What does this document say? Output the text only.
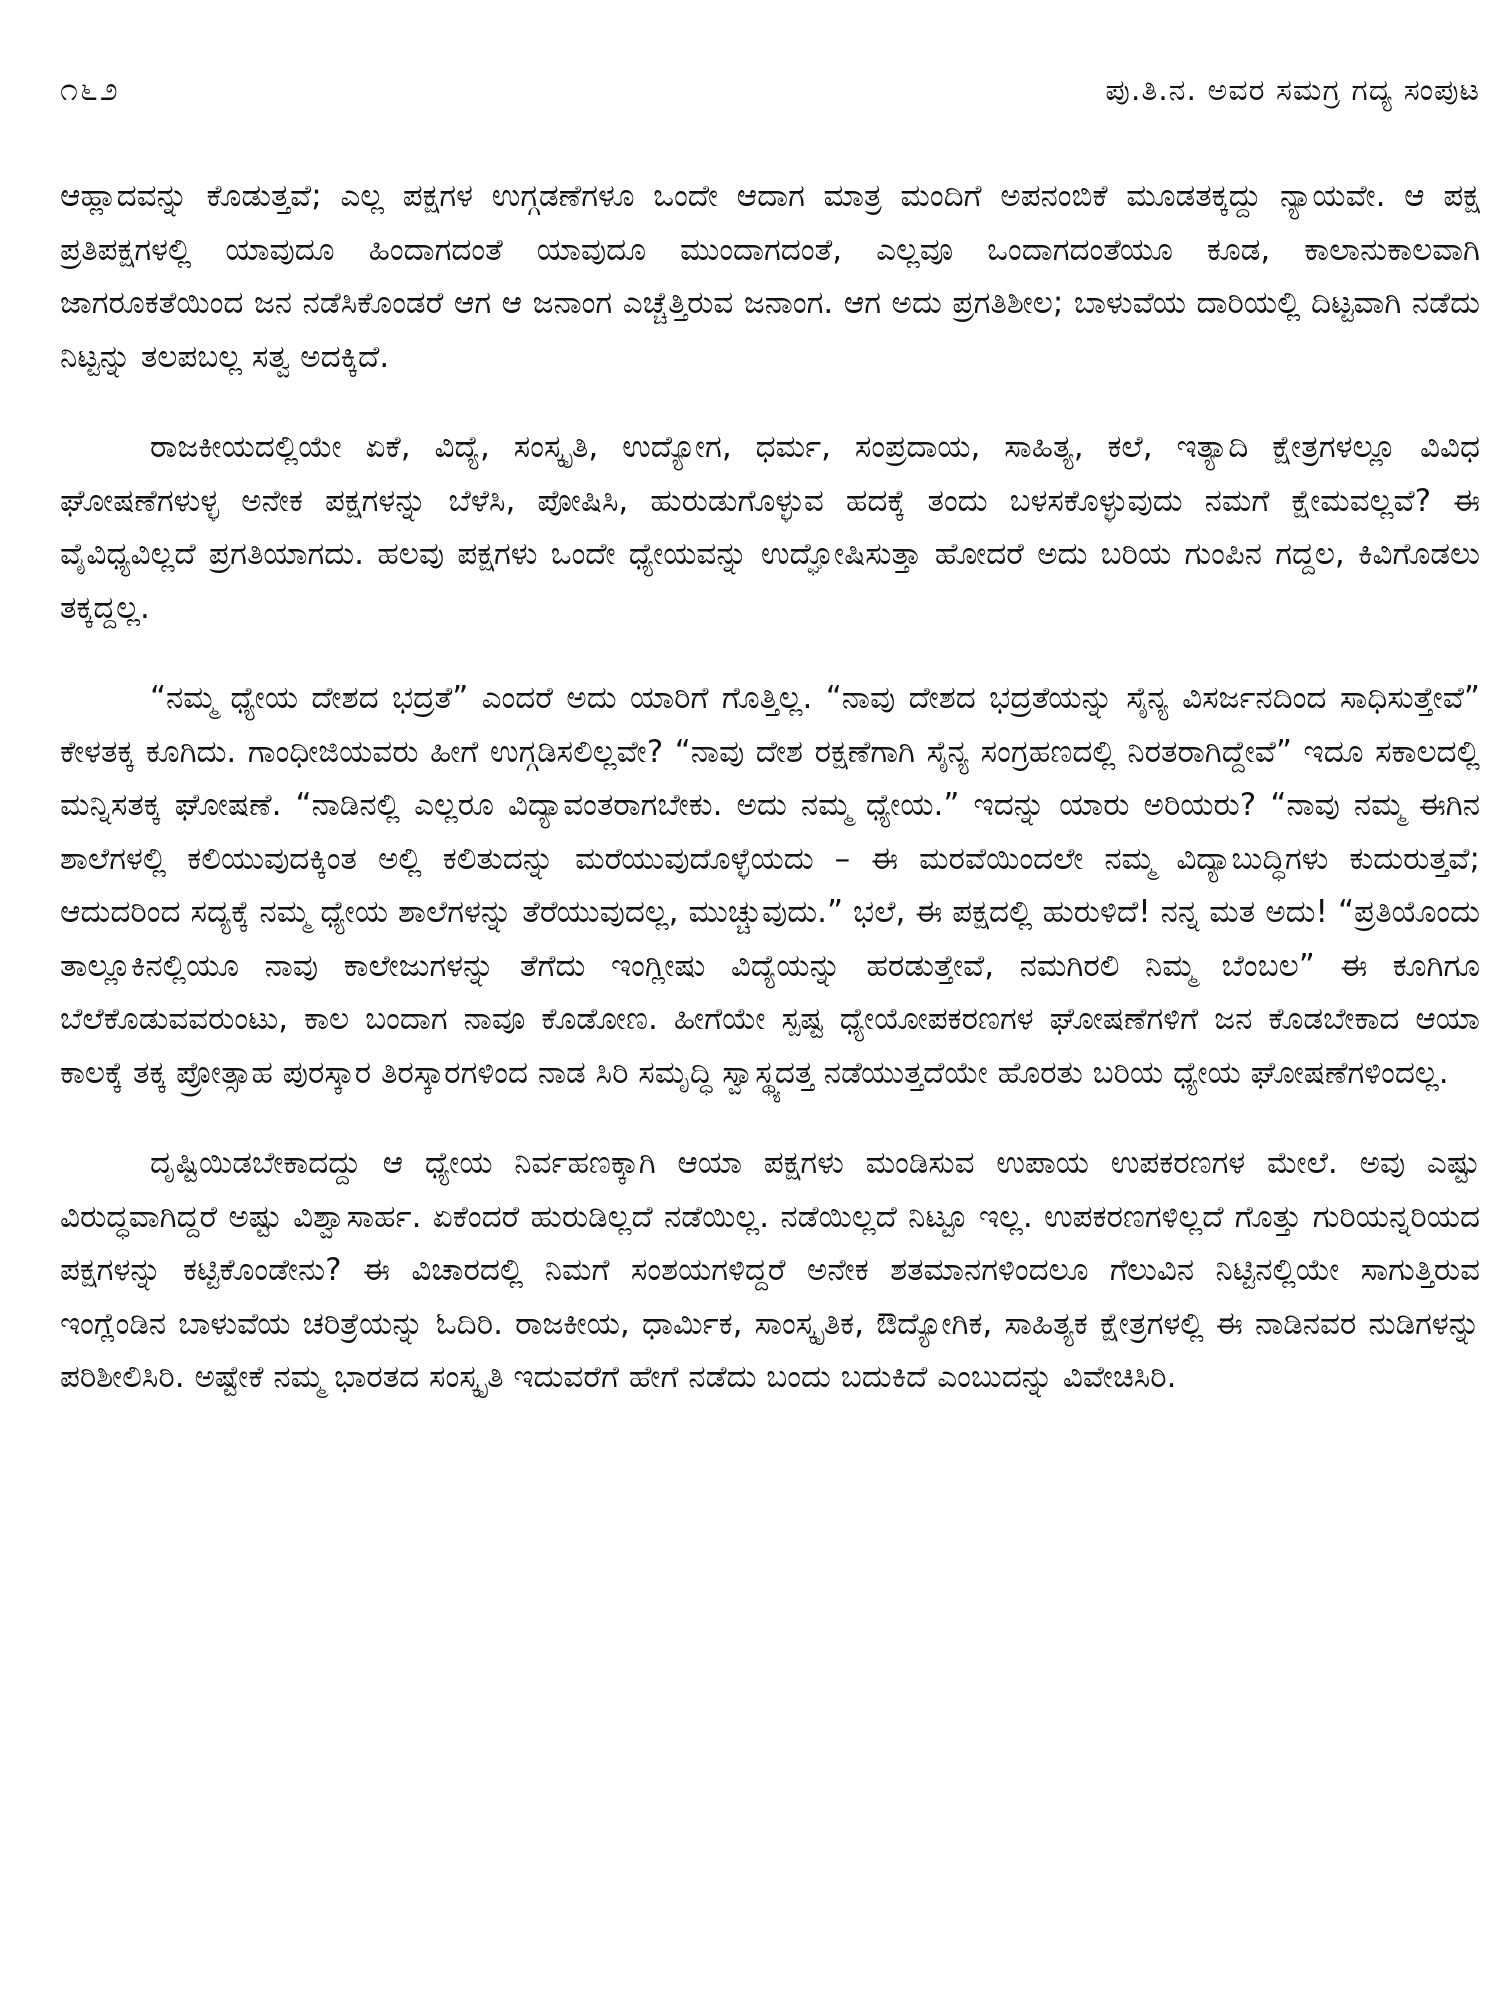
೧೬೨	ಪು.ತಿ.ನ. ಅವರ ಸಮಗ್ರ ಗದ್ಯ ಸಂಪುಟ

ಆಹ್ಲಾದವನ್ನು ಕೊಡುತ್ತವೆ; ಎಲ್ಲ ಪಕ್ಷಗಳ ಉಗ್ಗಡಣೆಗಳೂ ಒಂದೇ ಆದಾಗ ಮಾತ್ರ ಮಂದಿಗೆ ಅಪನಂಬಿಕೆ ಮೂಡತಕ್ಕದ್ದು ನ್ಯಾಯವೇ. ಆ ಪಕ್ಷ ಪ್ರತಿಪಕ್ಷಗಳಲ್ಲಿ ಯಾವುದೂ ಹಿಂದಾಗದಂತೆ ಯಾವುದೂ ಮುಂದಾಗದಂತೆ, ಎಲ್ಲವೂ ಒಂದಾಗದಂತೆಯೂ ಕೂಡ, ಕಾಲಾನುಕಾಲವಾಗಿ ಜಾಗರೂಕತೆಯಿಂದ ಜನ ನಡೆಸಿಕೊಂಡರೆ ಆಗ ಆ ಜನಾಂಗ ಎಚ್ಚೆತ್ತಿರುವ ಜನಾಂಗ. ಆಗ ಅದು ಪ್ರಗತಿಶೀಲ; ಬಾಳುವೆಯ ದಾರಿಯಲ್ಲಿ ದಿಟ್ಟವಾಗಿ ನಡೆದು ನಿಟ್ಟನ್ನು ತಲಪಬಲ್ಲ ಸತ್ವ ಅದಕ್ಕಿದೆ.

ರಾಜಕೀಯದಲ್ಲಿಯೇ ಏಕೆ, ವಿದ್ಯೆ, ಸಂಸ್ಕೃತಿ, ಉದ್ಯೋಗ, ಧರ್ಮ, ಸಂಪ್ರದಾಯ, ಸಾಹಿತ್ಯ, ಕಲೆ, ಇತ್ಯಾದಿ ಕ್ಷೇತ್ರಗಳಲ್ಲೂ ವಿವಿಧ ಘೋಷಣೆಗಳುಳ್ಳ ಅನೇಕ ಪಕ್ಷಗಳನ್ನು ಬೆಳೆಸಿ, ಪೋಷಿಸಿ, ಹುರುಡುಗೊಳ್ಳುವ ಹದಕ್ಕೆ ತಂದು ಬಳಸಕೊಳ್ಳುವುದು ನಮಗೆ ಕ್ಷೇಮವಲ್ಲವೆ? ಈ ವೈವಿಧ್ಯವಿಲ್ಲದೆ ಪ್ರಗತಿಯಾಗದು. ಹಲವು ಪಕ್ಷಗಳು ಒಂದೇ ಧ್ಯೇಯವನ್ನು ಉದ್ಘೋಷಿಸುತ್ತಾ ಹೋದರೆ ಅದು ಬರಿಯ ಗುಂಪಿನ ಗದ್ದಲ, ಕಿವಿಗೊಡಲು ತಕ್ಕದ್ದಲ್ಲ.

“ನಮ್ಮ ಧ್ಯೇಯ ದೇಶದ ಭದ್ರತೆ” ಎಂದರೆ ಅದು ಯಾರಿಗೆ ಗೊತ್ತಿಲ್ಲ. “ನಾವು ದೇಶದ ಭದ್ರತೆಯನ್ನು ಸೈನ್ಯ ವಿಸರ್ಜನದಿಂದ ಸಾಧಿಸುತ್ತೇವೆ” ಕೇಳತಕ್ಕ ಕೂಗಿದು. ಗಾಂಧೀಜಿಯವರು ಹೀಗೆ ಉಗ್ಗಡಿಸಲಿಲ್ಲವೇ? “ನಾವು ದೇಶ ರಕ್ಷಣೆಗಾಗಿ ಸೈನ್ಯ ಸಂಗ್ರಹಣದಲ್ಲಿ ನಿರತರಾಗಿದ್ದೇವೆ” ಇದೂ ಸಕಾಲದಲ್ಲಿ ಮನ್ನಿಸತಕ್ಕ ಘೋಷಣೆ. “ನಾಡಿನಲ್ಲಿ ಎಲ್ಲರೂ ವಿದ್ಯಾವಂತರಾಗಬೇಕು. ಅದು ನಮ್ಮ ಧ್ಯೇಯ.” ಇದನ್ನು ಯಾರು ಅರಿಯರು? “ನಾವು ನಮ್ಮ ಈಗಿನ ಶಾಲೆಗಳಲ್ಲಿ ಕಲಿಯುವುದಕ್ಕಿಂತ ಅಲ್ಲಿ ಕಲಿತುದನ್ನು ಮರೆಯುವುದೊಳ್ಳೆಯದು – ಈ ಮರವೆಯಿಂದಲೇ ನಮ್ಮ ವಿದ್ಯಾಬುದ್ಧಿಗಳು ಕುದುರುತ್ತವೆ; ಆದುದರಿಂದ ಸದ್ಯಕ್ಕೆ ನಮ್ಮ ಧ್ಯೇಯ ಶಾಲೆಗಳನ್ನು ತೆರೆಯುವುದಲ್ಲ, ಮುಚ್ಚುವುದು.” ಭಲೆ, ಈ ಪಕ್ಷದಲ್ಲಿ ಹುರುಳಿದೆ! ನನ್ನ ಮತ ಅದು! “ಪ್ರತಿಯೊಂದು ತಾಲ್ಲೂಕಿನಲ್ಲಿಯೂ ನಾವು ಕಾಲೇಜುಗಳನ್ನು ತೆಗೆದು ಇಂಗ್ಲೀಷು ವಿದ್ಯೆಯನ್ನು ಹರಡುತ್ತೇವೆ, ನಮಗಿರಲಿ ನಿಮ್ಮ ಬೆಂಬಲ” ಈ ಕೂಗಿಗೂ ಬೆಲೆಕೊಡುವವರುಂಟು, ಕಾಲ ಬಂದಾಗ ನಾವೂ ಕೊಡೋಣ. ಹೀಗೆಯೇ ಸ್ಪಷ್ಟ ಧ್ಯೇಯೋಪಕರಣಗಳ ಘೋಷಣೆಗಳಿಗೆ ಜನ ಕೊಡಬೇಕಾದ ಆಯಾ ಕಾಲಕ್ಕೆ ತಕ್ಕ ಪ್ರೋತ್ಸಾಹ ಪುರಸ್ಕಾರ ತಿರಸ್ಕಾರಗಳಿಂದ ನಾಡ ಸಿರಿ ಸಮೃದ್ಧಿ ಸ್ವಾಸ್ಥ್ಯದತ್ತ ನಡೆಯುತ್ತದೆಯೇ ಹೊರತು ಬರಿಯ ಧ್ಯೇಯ ಘೋಷಣೆಗಳಿಂದಲ್ಲ.

ದೃಷ್ಟಿಯಿಡಬೇಕಾದದ್ದು ಆ ಧ್ಯೇಯ ನಿರ್ವಹಣಕ್ಕಾಗಿ ಆಯಾ ಪಕ್ಷಗಳು ಮಂಡಿಸುವ ಉಪಾಯ ಉಪಕರಣಗಳ ಮೇಲೆ. ಅವು ಎಷ್ಟು ವಿರುದ್ಧವಾಗಿದ್ದರೆ ಅಷ್ಟು ವಿಶ್ವಾಸಾರ್ಹ. ಏಕೆಂದರೆ ಹುರುಡಿಲ್ಲದೆ ನಡೆಯಿಲ್ಲ. ನಡೆಯಿಲ್ಲದೆ ನಿಟ್ಟೂ ಇಲ್ಲ. ಉಪಕರಣಗಳಿಲ್ಲದೆ ಗೊತ್ತು ಗುರಿಯನ್ನರಿಯದ ಪಕ್ಷಗಳನ್ನು ಕಟ್ಟಿಕೊಂಡೇನು? ಈ ವಿಚಾರದಲ್ಲಿ ನಿಮಗೆ ಸಂಶಯಗಳಿದ್ದರೆ ಅನೇಕ ಶತಮಾನಗಳಿಂದಲೂ ಗೆಲುವಿನ ನಿಟ್ಟಿನಲ್ಲಿಯೇ ಸಾಗುತ್ತಿರುವ ಇಂಗ್ಲೆಂಡಿನ ಬಾಳುವೆಯ ಚರಿತ್ರೆಯನ್ನು ಓದಿರಿ. ರಾಜಕೀಯ, ಧಾರ್ಮಿಕ, ಸಾಂಸ್ಕೃತಿಕ, ಔದ್ಯೋಗಿಕ, ಸಾಹಿತ್ಯಕ ಕ್ಷೇತ್ರಗಳಲ್ಲಿ ಈ ನಾಡಿನವರ ನುಡಿಗಳನ್ನು ಪರಿಶೀಲಿಸಿರಿ. ಅಷ್ಟೇಕೆ ನಮ್ಮ ಭಾರತದ ಸಂಸ್ಕೃತಿ ಇದುವರೆಗೆ ಹೇಗೆ ನಡೆದು ಬಂದು ಬದುಕಿದೆ ಎಂಬುದನ್ನು ವಿವೇಚಿಸಿರಿ.
